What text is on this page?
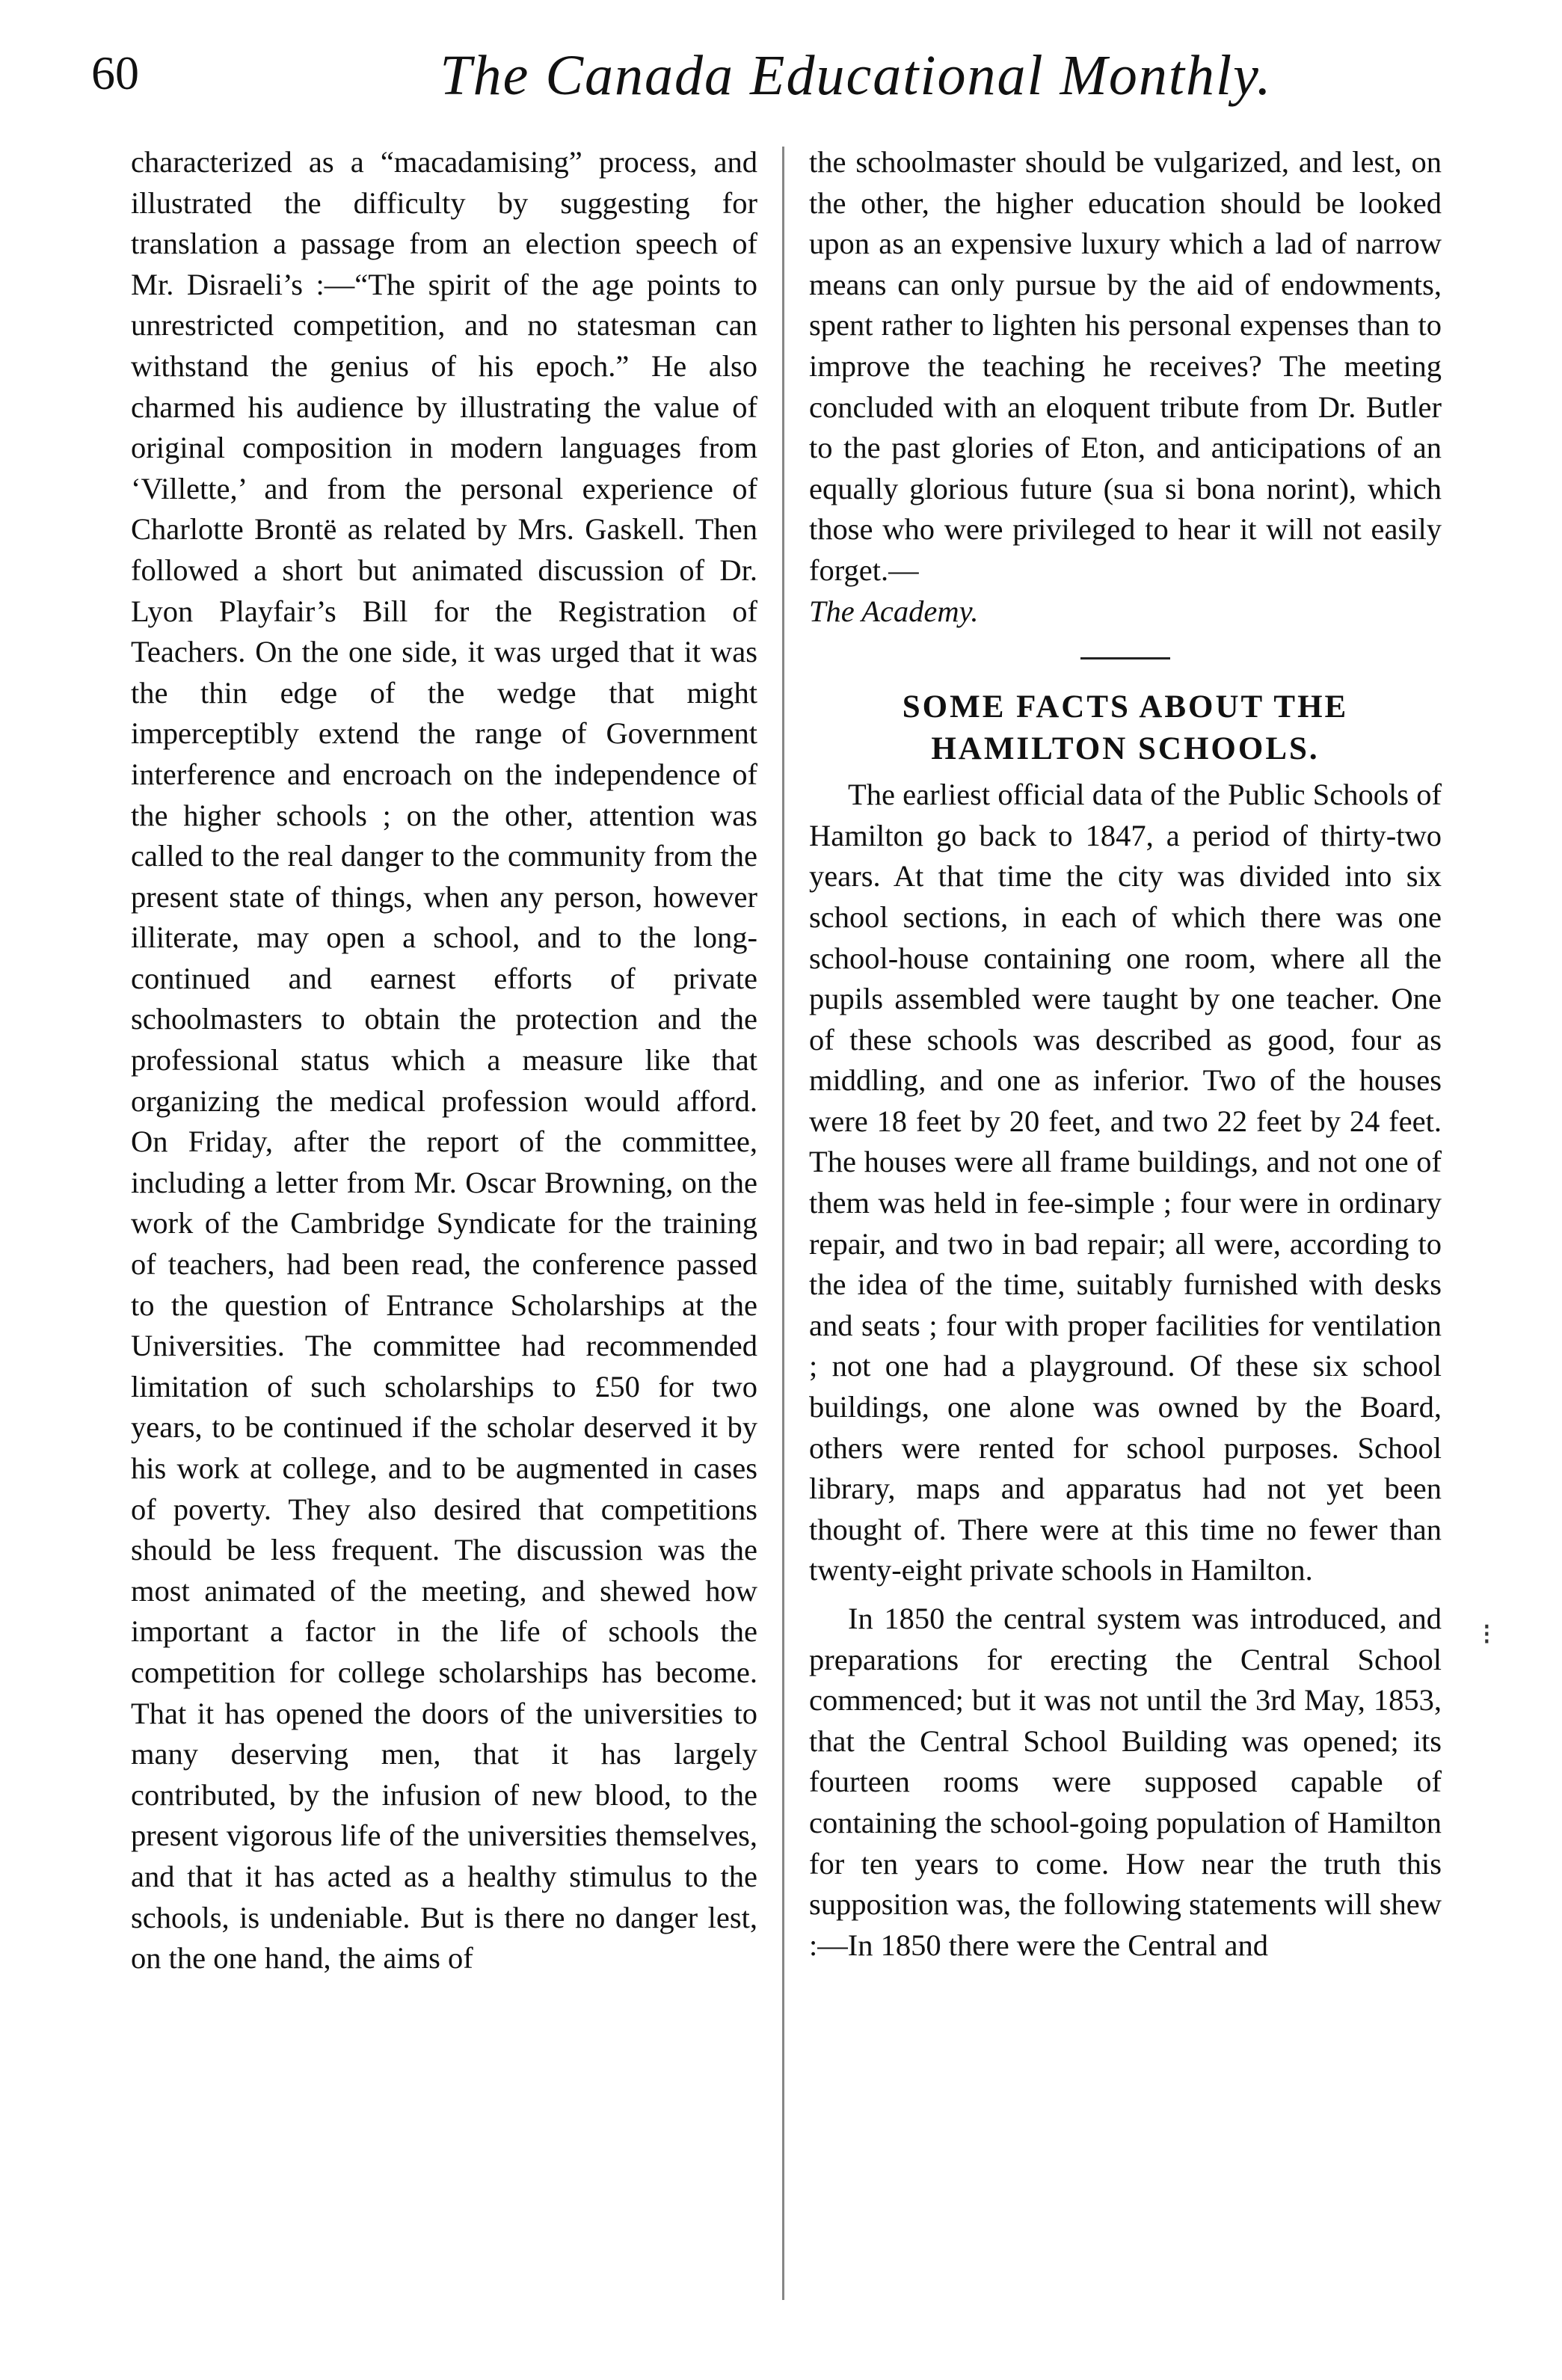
60	The Canada Educational Monthly.

characterized as a “macadamising” process, and illustrated the difficulty by suggesting for translation a passage from an election speech of Mr. Disraeli’s :—“The spirit of the age points to unrestricted competition, and no statesman can withstand the genius of his epoch.” He also charmed his audience by illustrating the value of original composition in modern languages from ‘Villette,’ and from the personal experience of Charlotte Brontë as related by Mrs. Gaskell. Then followed a short but animated discussion of Dr. Lyon Playfair’s Bill for the Registration of Teachers. On the one side, it was urged that it was the thin edge of the wedge that might imperceptibly extend the range of Government interference and encroach on the independence of the higher schools ; on the other, attention was called to the real danger to the community from the present state of things, when any person, however illiterate, may open a school, and to the long-continued and earnest efforts of private schoolmasters to obtain the protection and the professional status which a measure like that organizing the medical profession would afford. On Friday, after the report of the committee, including a letter from Mr. Oscar Browning, on the work of the Cambridge Syndicate for the training of teachers, had been read, the conference passed to the question of Entrance Scholarships at the Universities. The committee had recommended limitation of such scholarships to £50 for two years, to be continued if the scholar deserved it by his work at college, and to be augmented in cases of poverty. They also desired that competitions should be less frequent. The discussion was the most animated of the meeting, and shewed how important a factor in the life of schools the competition for college scholarships has become. That it has opened the doors of the universities to many deserving men, that it has largely contributed, by the infusion of new blood, to the present vigorous life of the universities themselves, and that it has acted as a healthy stimulus to the schools, is undeniable. But is there no danger lest, on the one hand, the aims of

the schoolmaster should be vulgarized, and lest, on the other, the higher education should be looked upon as an expensive luxury which a lad of narrow means can only pursue by the aid of endowments, spent rather to lighten his personal expenses than to improve the teaching he receives? The meeting concluded with an eloquent tribute from Dr. Butler to the past glories of Eton, and anticipations of an equally glorious future (sua si bona norint), which those who were privileged to hear it will not easily forget.—

The Academy.

SOME FACTS ABOUT THE HAMILTON SCHOOLS.

The earliest official data of the Public Schools of Hamilton go back to 1847, a period of thirty-two years. At that time the city was divided into six school sections, in each of which there was one school-house containing one room, where all the pupils assembled were taught by one teacher. One of these schools was described as good, four as middling, and one as inferior. Two of the houses were 18 feet by 20 feet, and two 22 feet by 24 feet. The houses were all frame buildings, and not one of them was held in fee-simple ; four were in ordinary repair, and two in bad repair; all were, according to the idea of the time, suitably furnished with desks and seats ; four with proper facilities for ventilation ; not one had a playground. Of these six school buildings, one alone was owned by the Board, others were rented for school purposes. School library, maps and apparatus had not yet been thought of. There were at this time no fewer than twenty-eight private schools in Hamilton.

In 1850 the central system was introduced, and preparations for erecting the Central School commenced; but it was not until the 3rd May, 1853, that the Central School Building was opened; its fourteen rooms were supposed capable of containing the school-going population of Hamilton for ten years to come. How near the truth this supposition was, the following statements will shew :—In 1850 there were the Central and

⁝
